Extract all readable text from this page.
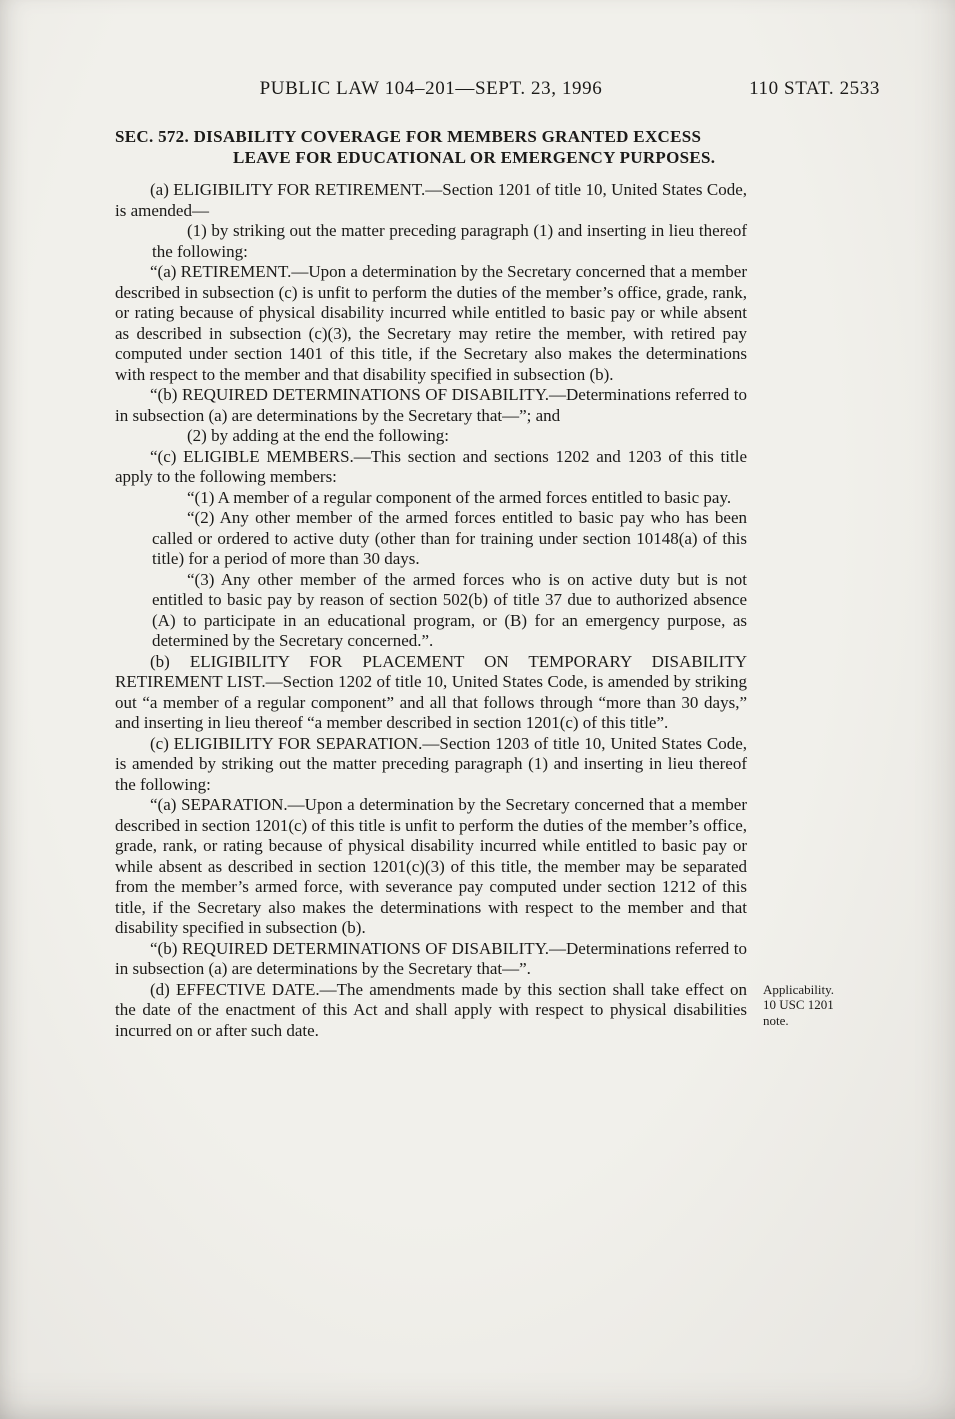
PUBLIC LAW 104–201—SEPT. 23, 1996	110 STAT. 2533
SEC. 572. DISABILITY COVERAGE FOR MEMBERS GRANTED EXCESS LEAVE FOR EDUCATIONAL OR EMERGENCY PURPOSES.

(a) ELIGIBILITY FOR RETIREMENT.—Section 1201 of title 10, United States Code, is amended—

(1) by striking out the matter preceding paragraph (1) and inserting in lieu thereof the following:

“(a) RETIREMENT.—Upon a determination by the Secretary concerned that a member described in subsection (c) is unfit to perform the duties of the member’s office, grade, rank, or rating because of physical disability incurred while entitled to basic pay or while absent as described in subsection (c)(3), the Secretary may retire the member, with retired pay computed under section 1401 of this title, if the Secretary also makes the determinations with respect to the member and that disability specified in subsection (b).

“(b) REQUIRED DETERMINATIONS OF DISABILITY.—Determinations referred to in subsection (a) are determinations by the Secretary that—”; and

(2) by adding at the end the following:

“(c) ELIGIBLE MEMBERS.—This section and sections 1202 and 1203 of this title apply to the following members:

“(1) A member of a regular component of the armed forces entitled to basic pay.

“(2) Any other member of the armed forces entitled to basic pay who has been called or ordered to active duty (other than for training under section 10148(a) of this title) for a period of more than 30 days.

“(3) Any other member of the armed forces who is on active duty but is not entitled to basic pay by reason of section 502(b) of title 37 due to authorized absence (A) to participate in an educational program, or (B) for an emergency purpose, as determined by the Secretary concerned.”.

(b) ELIGIBILITY FOR PLACEMENT ON TEMPORARY DISABILITY RETIREMENT LIST.—Section 1202 of title 10, United States Code, is amended by striking out “a member of a regular component” and all that follows through “more than 30 days,” and inserting in lieu thereof “a member described in section 1201(c) of this title”.

(c) ELIGIBILITY FOR SEPARATION.—Section 1203 of title 10, United States Code, is amended by striking out the matter preceding paragraph (1) and inserting in lieu thereof the following:

“(a) SEPARATION.—Upon a determination by the Secretary concerned that a member described in section 1201(c) of this title is unfit to perform the duties of the member’s office, grade, rank, or rating because of physical disability incurred while entitled to basic pay or while absent as described in section 1201(c)(3) of this title, the member may be separated from the member’s armed force, with severance pay computed under section 1212 of this title, if the Secretary also makes the determinations with respect to the member and that disability specified in subsection (b).

“(b) REQUIRED DETERMINATIONS OF DISABILITY.—Determinations referred to in subsection (a) are determinations by the Secretary that—”.

(d) EFFECTIVE DATE.—The amendments made by this section shall take effect on the date of the enactment of this Act and shall apply with respect to physical disabilities incurred on or after such date.

Applicability.
10 USC 1201
note.
